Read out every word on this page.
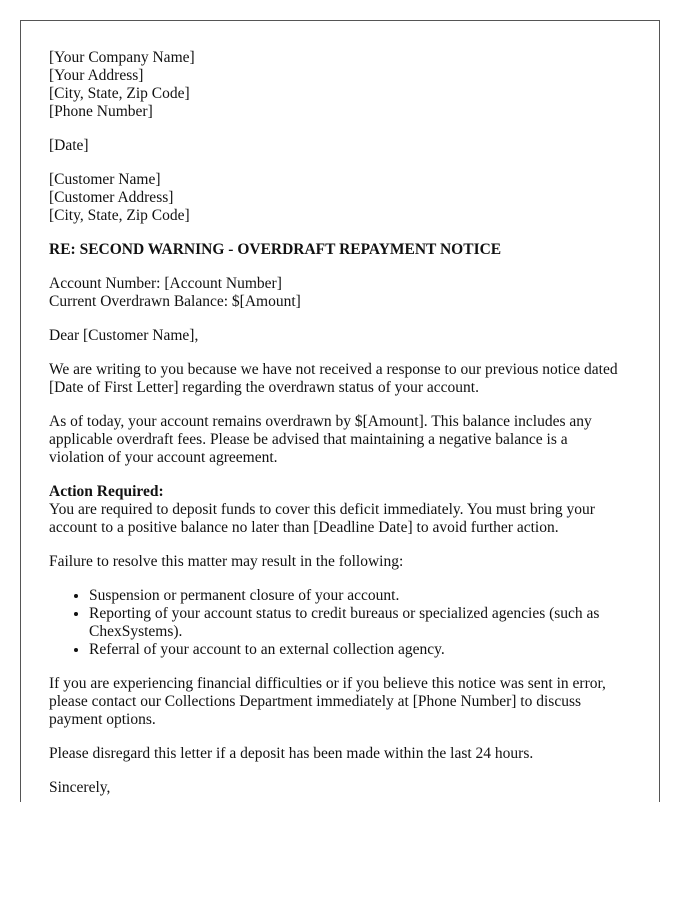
[Your Company Name]
[Your Address]
[City, State, Zip Code]
[Phone Number]
[Date]
[Customer Name]
[Customer Address]
[City, State, Zip Code]
RE: SECOND WARNING - OVERDRAFT REPAYMENT NOTICE
Account Number: [Account Number]
Current Overdrawn Balance: $[Amount]
Dear [Customer Name],

We are writing to you because we have not received a response to our previous notice dated [Date of First Letter] regarding the overdrawn status of your account.

As of today, your account remains overdrawn by $[Amount]. This balance includes any applicable overdraft fees. Please be advised that maintaining a negative balance is a violation of your account agreement.

Action Required:

You are required to deposit funds to cover this deficit immediately. You must bring your account to a positive balance no later than [Deadline Date] to avoid further action.

Failure to resolve this matter may result in the following:

• Suspension or permanent closure of your account.
• Reporting of your account status to credit bureaus or specialized agencies (such as ChexSystems).
• Referral of your account to an external collection agency.

If you are experiencing financial difficulties or if you believe this notice was sent in error, please contact our Collections Department immediately at [Phone Number] to discuss payment options.

Please disregard this letter if a deposit has been made within the last 24 hours.

Sincerely,
